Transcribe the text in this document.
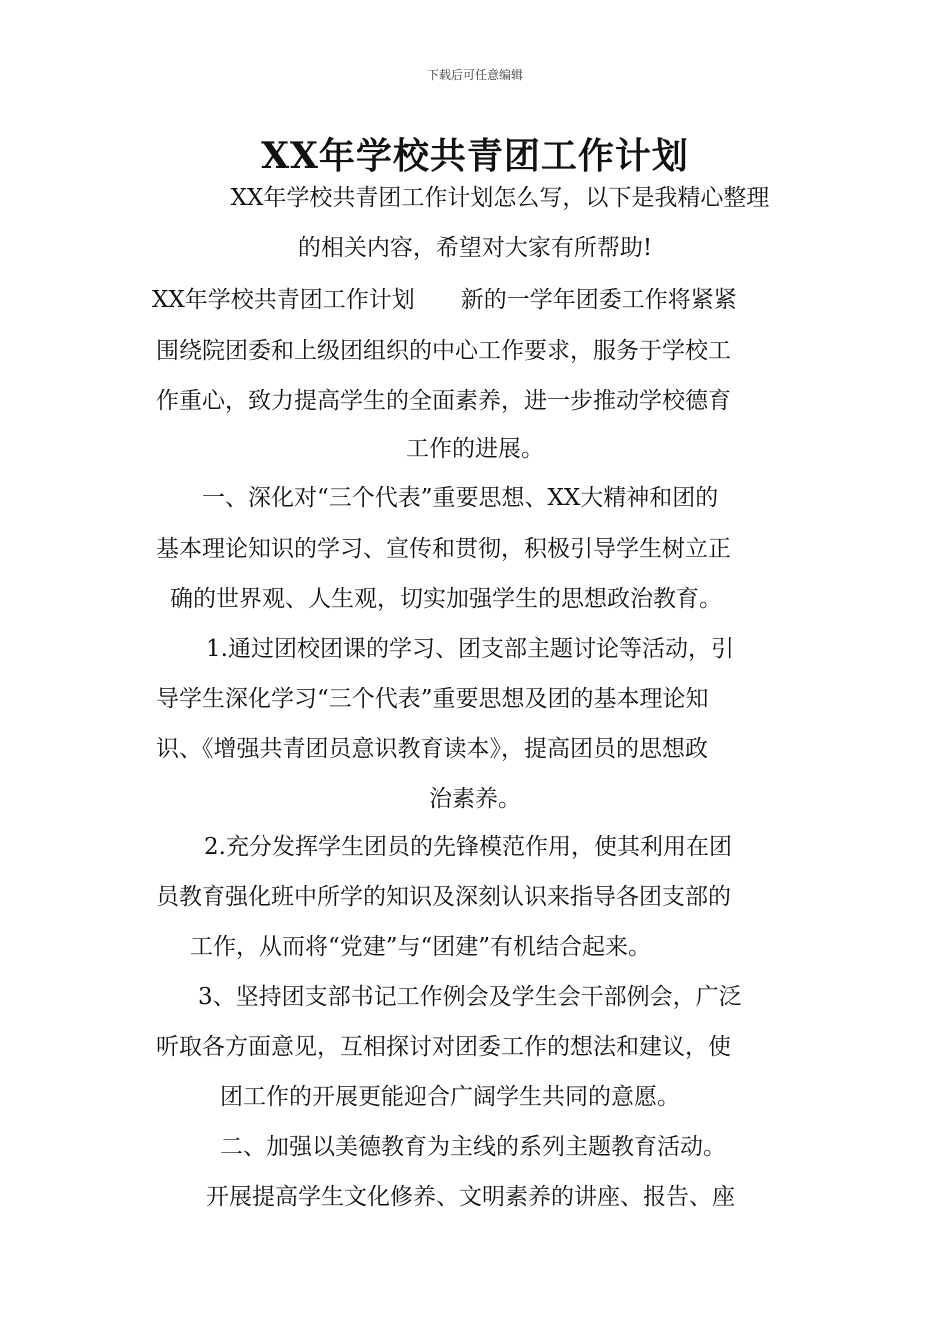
下载后可任意编辑
XX年学校共青团工作计划
XX年学校共青团工作计划怎么写，以下是我精心整理
的相关内容，希望对大家有所帮助!
XX年学校共青团工作计划　　新的一学年团委工作将紧紧
围绕院团委和上级团组织的中心工作要求，服务于学校工
作重心，致力提高学生的全面素养，进一步推动学校德育
工作的进展。
一、深化对“三个代表”重要思想、XX大精神和团的
基本理论知识的学习、宣传和贯彻，积极引导学生树立正
确的世界观、人生观，切实加强学生的思想政治教育。
1.通过团校团课的学习、团支部主题讨论等活动，引
导学生深化学习“三个代表”重要思想及团的基本理论知
识、《增强共青团员意识教育读本》，提高团员的思想政
治素养。
2.充分发挥学生团员的先锋模范作用，使其利用在团
员教育强化班中所学的知识及深刻认识来指导各团支部的
工作，从而将“党建”与“团建”有机结合起来。
3、坚持团支部书记工作例会及学生会干部例会，广泛
听取各方面意见，互相探讨对团委工作的想法和建议，使
团工作的开展更能迎合广阔学生共同的意愿。
二、加强以美德教育为主线的系列主题教育活动。
开展提高学生文化修养、文明素养的讲座、报告、座
